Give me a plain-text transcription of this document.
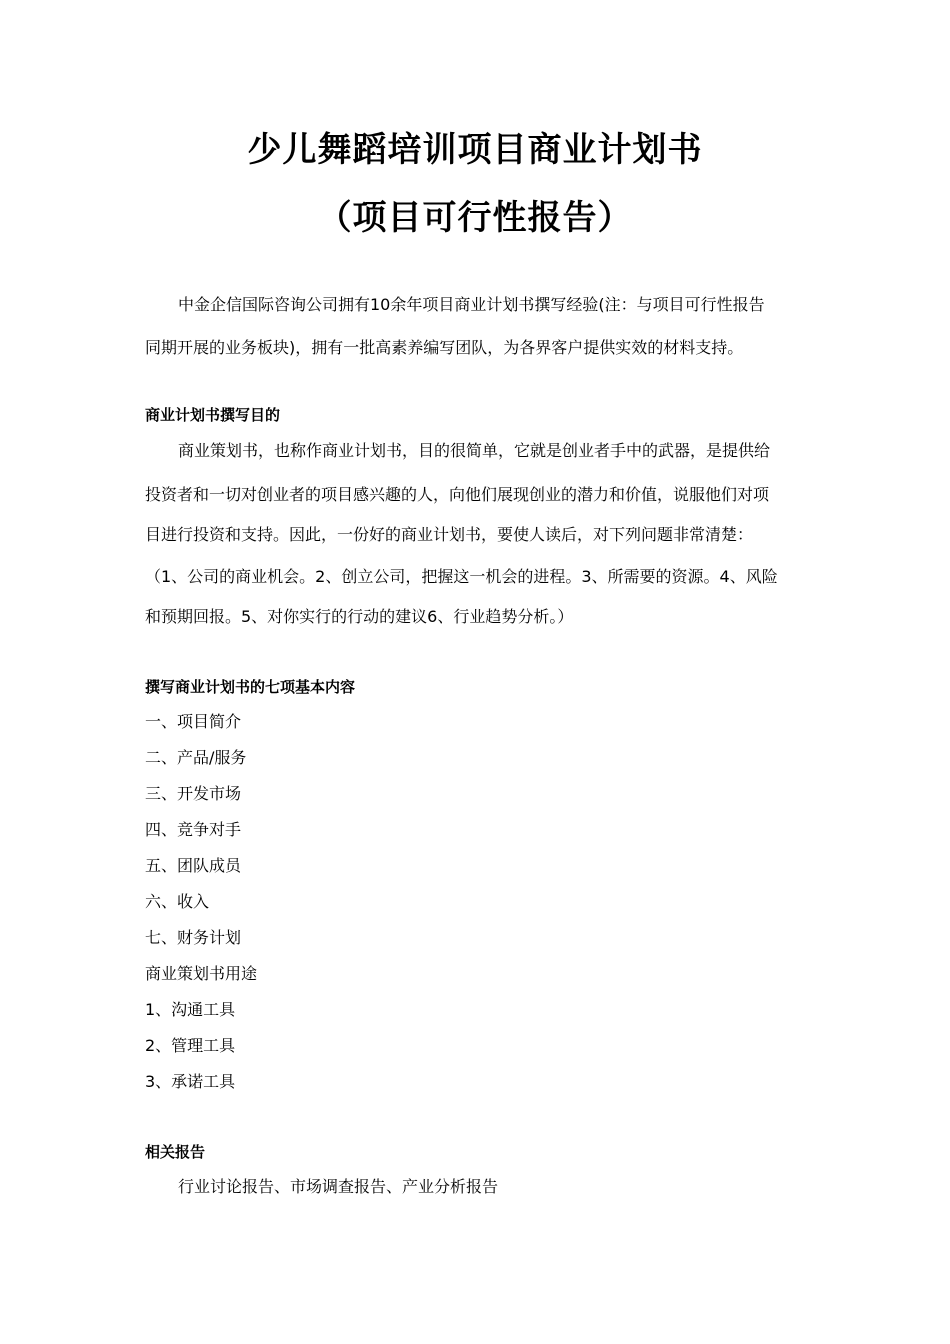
少儿舞蹈培训项目商业计划书
（项目可行性报告）
中金企信国际咨询公司拥有10余年项目商业计划书撰写经验(注：与项目可行性报告
同期开展的业务板块)，拥有一批高素养编写团队，为各界客户提供实效的材料支持。
商业计划书撰写目的
商业策划书，也称作商业计划书，目的很简单，它就是创业者手中的武器，是提供给
投资者和一切对创业者的项目感兴趣的人，向他们展现创业的潜力和价值，说服他们对项
目进行投资和支持。因此，一份好的商业计划书，要使人读后，对下列问题非常清楚：
（1、公司的商业机会。2、创立公司，把握这一机会的进程。3、所需要的资源。4、风险
和预期回报。5、对你实行的行动的建议6、行业趋势分析。）
撰写商业计划书的七项基本内容
一、项目简介
二、产品/服务
三、开发市场
四、竞争对手
五、团队成员
六、收入
七、财务计划
商业策划书用途
1、沟通工具
2、管理工具
3、承诺工具
相关报告
行业讨论报告、市场调查报告、产业分析报告
